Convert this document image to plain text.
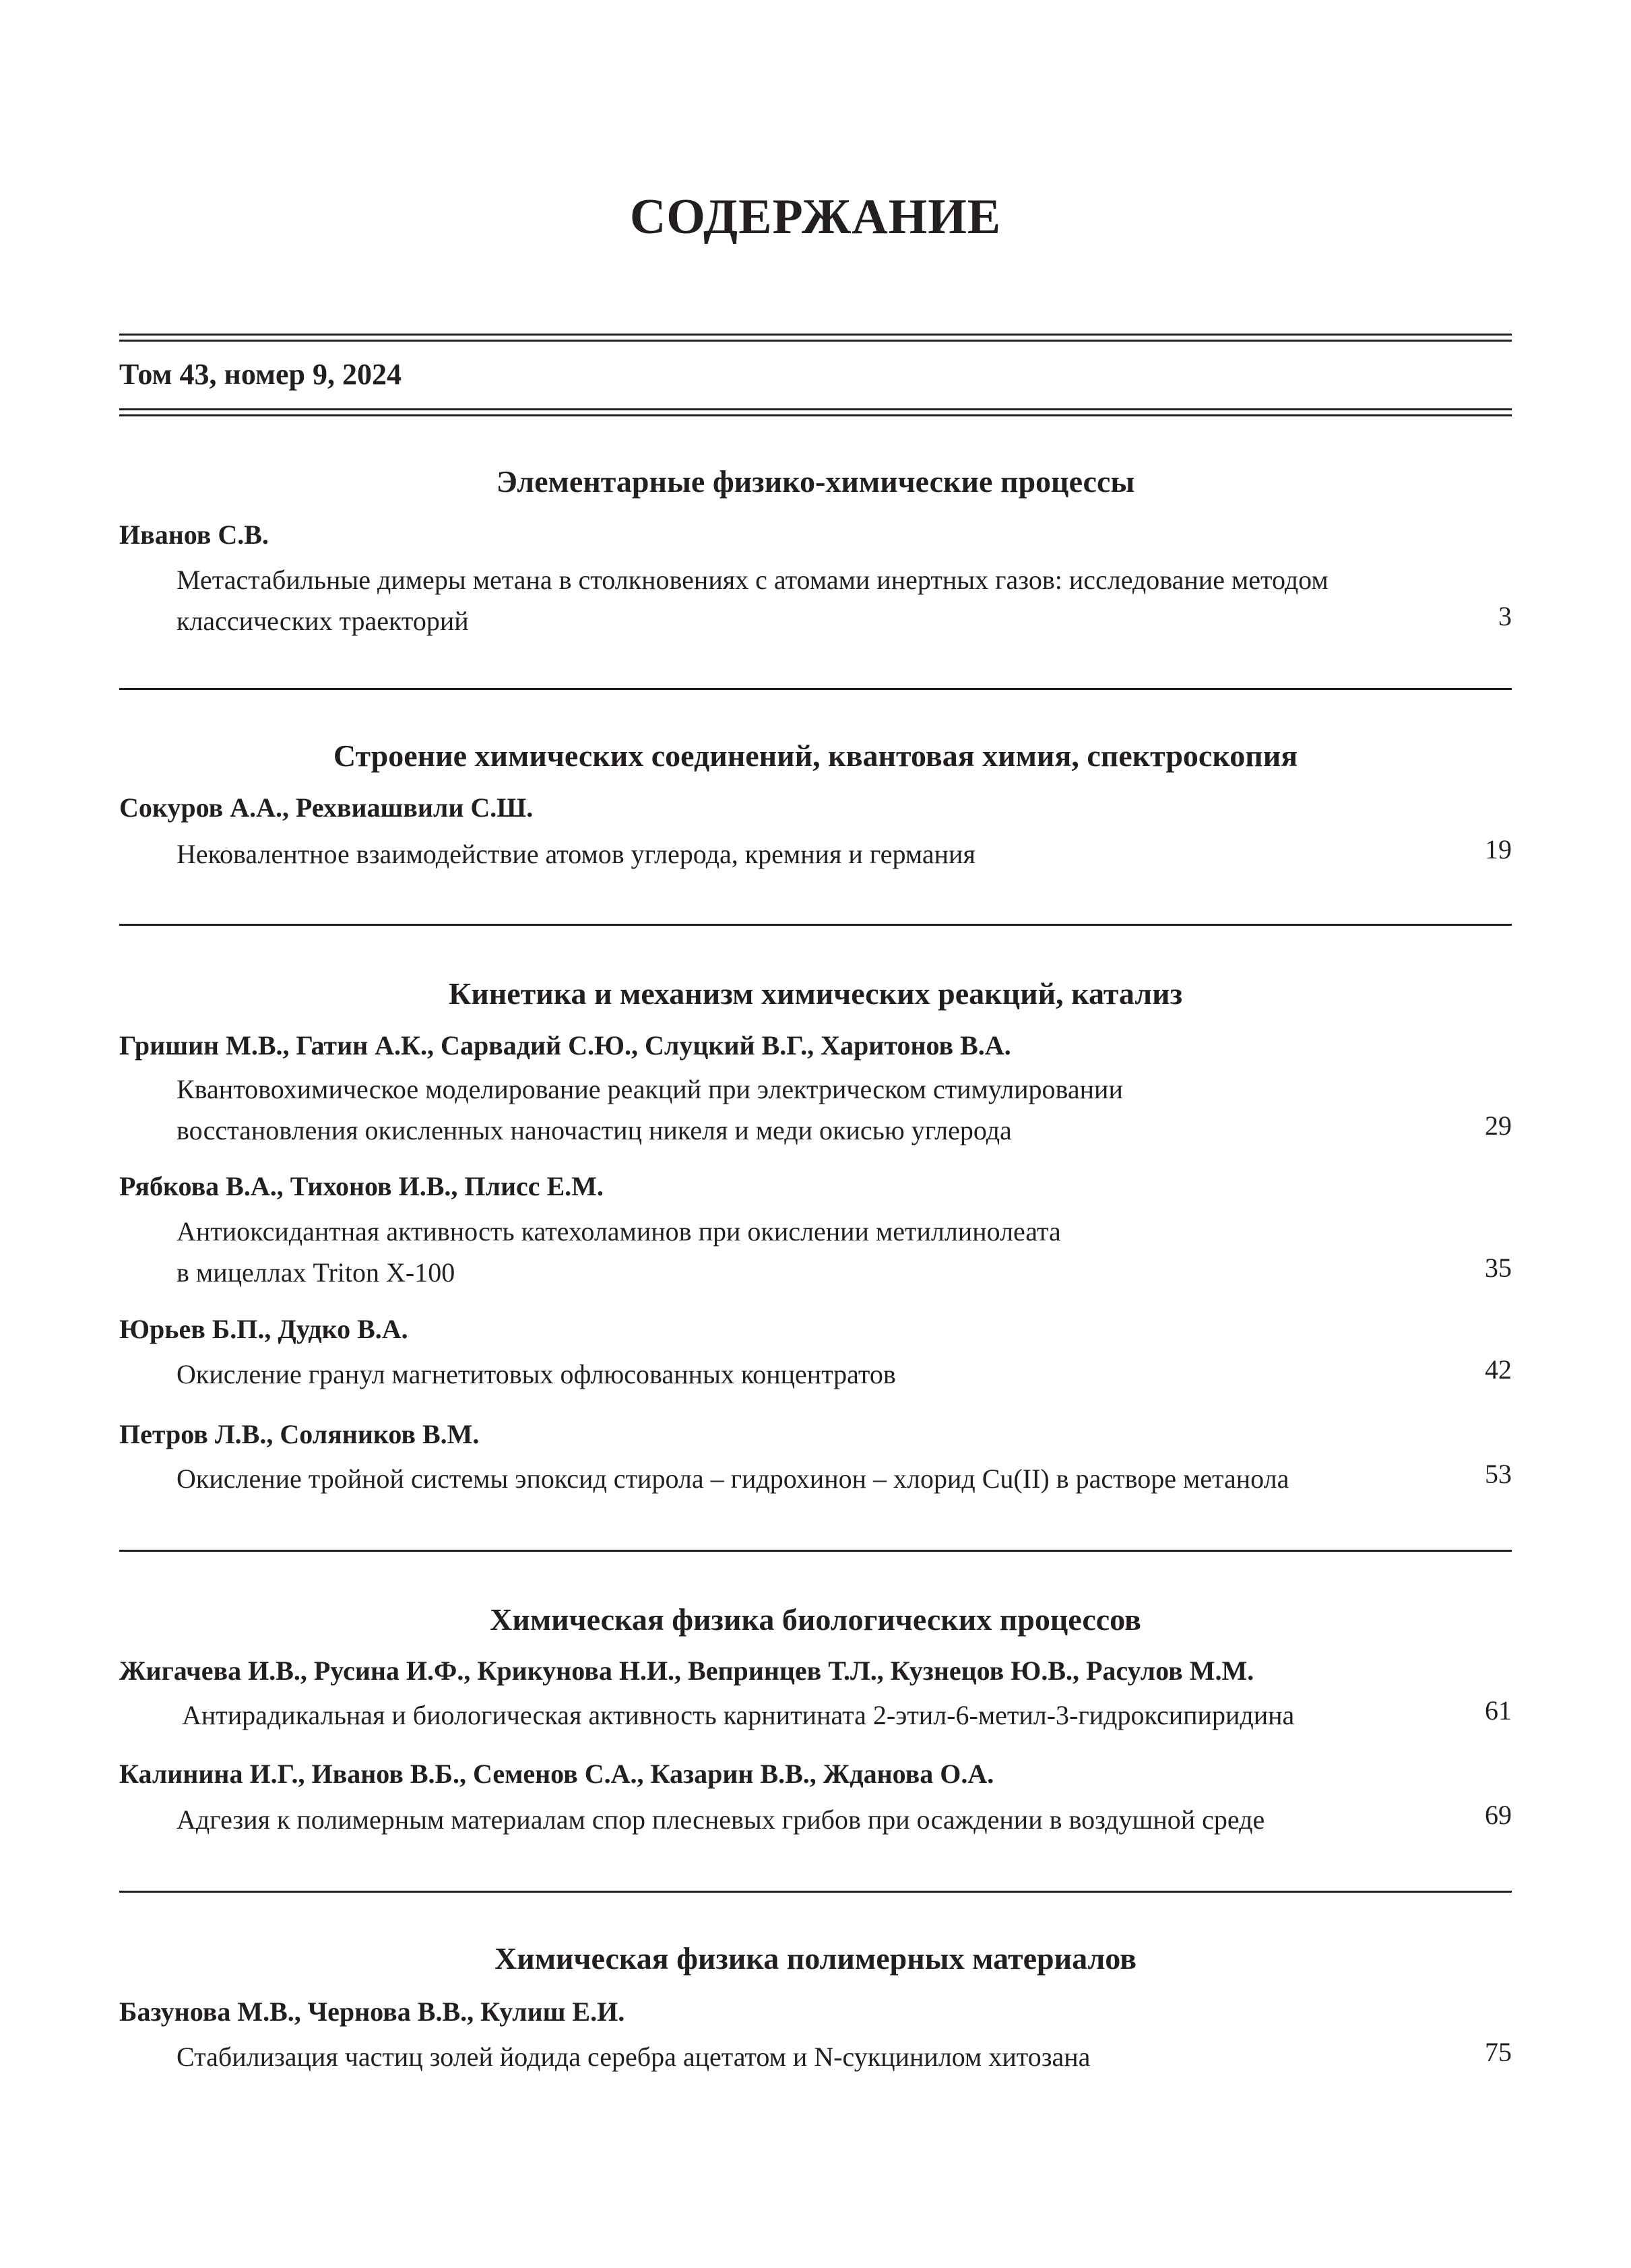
СОДЕРЖАНИЕ
Том 43, номер 9, 2024
Элементарные физико-химические процессы
Иванов С.В.
Метастабильные димеры метана в столкновениях с атомами инертных газов: исследование методом
классических траекторий	3
Строение химических соединений, квантовая химия, спектроскопия
Сокуров А.А., Рехвиашвили С.Ш.
Нековалентное взаимодействие атомов углерода, кремния и германия	19
Кинетика и механизм химических реакций, катализ
Гришин М.В., Гатин А.К., Сарвадий С.Ю., Слуцкий В.Г., Харитонов В.А.
Квантовохимическое моделирование реакций при электрическом стимулировании
восстановления окисленных наночастиц никеля и меди окисью углерода	29
Рябкова В.А., Тихонов И.В., Плисс Е.М.
Антиоксидантная активность катехоламинов при окислении метиллинолеата
в мицеллах Triton X-100	35
Юрьев Б.П., Дудко В.А.
Окисление гранул магнетитовых офлюсованных концентратов	42
Петров Л.В., Соляников В.М.
Окисление тройной системы эпоксид стирола – гидрохинон – хлорид Cu(II) в растворе метанола	53
Химическая физика биологических процессов
Жигачева И.В., Русина И.Ф., Крикунова Н.И., Вепринцев Т.Л., Кузнецов Ю.В., Расулов М.М.
Антирадикальная и биологическая активность карнитината 2-этил-6-метил-3-гидроксипиридина	61
Калинина И.Г., Иванов В.Б., Семенов С.А., Казарин В.В., Жданова О.А.
Адгезия к полимерным материалам спор плесневых грибов при осаждении в воздушной среде	69
Химическая физика полимерных материалов
Базунова М.В., Чернова В.В., Кулиш Е.И.
Стабилизация частиц золей йодида серебра ацетатом и N-сукцинилом хитозана	75
